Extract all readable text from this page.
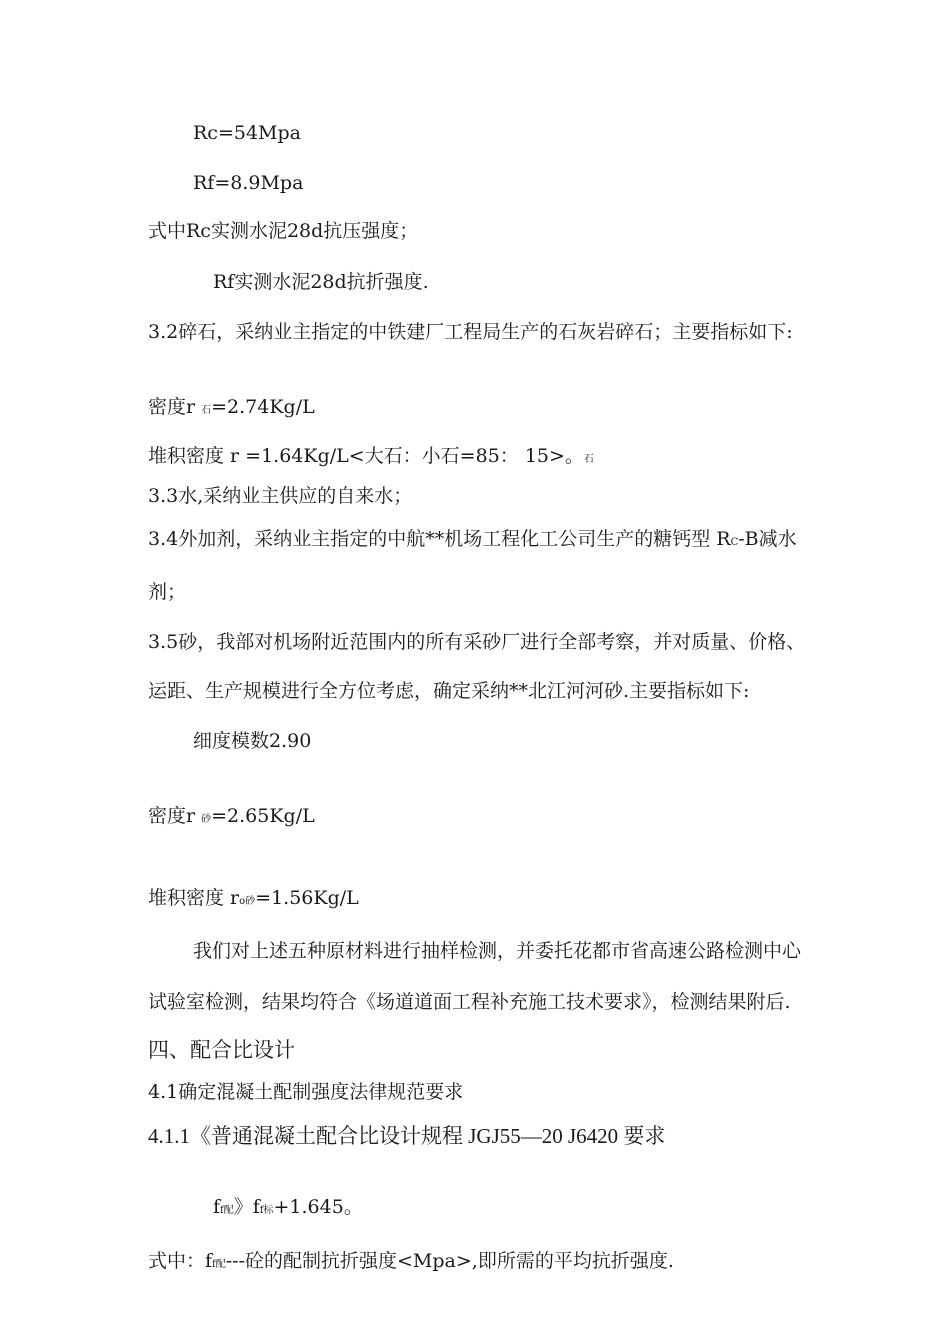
Rc=54Mpa
Rf=8.9Mpa
式中Rc实测水泥28d抗压强度；
Rf实测水泥28d抗折强度.
3.2碎石，采纳业主指定的中铁建厂工程局生产的石灰岩碎石；主要指标如下:
密度r 石=2.74Kg/L
堆积密度 r =1.64Kg/L<大石：小石=85： 15>。石
3.3水,采纳业主供应的自来水；
3.4外加剂，采纳业主指定的中航**机场工程化工公司生产的糖钙型 RC-B减水
剂；
3.5砂，我部对机场附近范围内的所有采砂厂进行全部考察，并对质量、价格、
运距、生产规模进行全方位考虑，确定采纳**北江河河砂.主要指标如下:
细度模数2.90
密度r 砂=2.65Kg/L
堆积密度 ro砂=1.56Kg/L
我们对上述五种原材料进行抽样检测，并委托花都市省高速公路检测中心
试验室检测，结果均符合《场道道面工程补充施工技术要求》，检测结果附后.
四、配合比设计
4.1确定混凝土配制强度法律规范要求
4.1.1《普通混凝土配合比设计规程 JGJ55—20 J6420 要求
ff配》ff标+1.645。
式中：ff配---砼的配制抗折强度<Mpa>,即所需的平均抗折强度.
